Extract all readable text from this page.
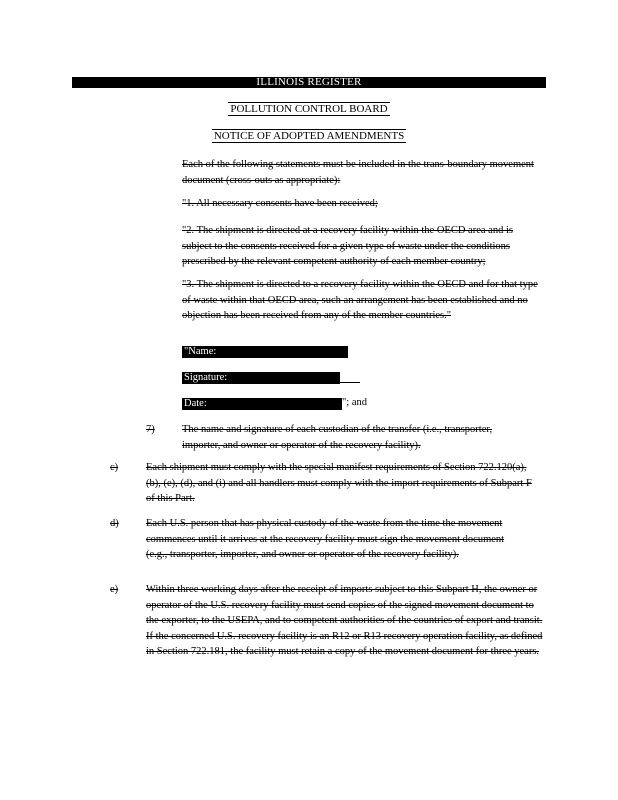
ILLINOIS REGISTER
POLLUTION CONTROL BOARD
NOTICE OF ADOPTED AMENDMENTS
Each of the following statements must be included in the trans-boundary movement document (cross-outs as appropriate):
"1. All necessary consents have been received;
"2. The shipment is directed at a recovery facility within the OECD area and is subject to the consents received for a given type of waste under the conditions prescribed by the relevant competent authority of each member country;
"3. The shipment is directed to a recovery facility within the OECD and for that type of waste within that OECD area, such an arrangement has been established and no objection has been received from any of the member countries."
"Name:
Signature:
Date:	"; and
7)	The name and signature of each custodian of the transfer (i.e., transporter, importer, and owner or operator of the recovery facility).
c)	Each shipment must comply with the special manifest requirements of Section 722.120(a), (b), (e), (d), and (i) and all handlers must comply with the import requirements of Subpart F of this Part.
d)	Each U.S. person that has physical custody of the waste from the time the movement commences until it arrives at the recovery facility must sign the movement document (e.g., transporter, importer, and owner or operator of the recovery facility).
e)	Within three working days after the receipt of imports subject to this Subpart H, the owner or operator of the U.S. recovery facility must send copies of the signed movement document to the exporter, to the USEPA, and to competent authorities of the countries of export and transit. If the concerned U.S. recovery facility is an R12 or R13 recovery operation facility, as defined in Section 722.181, the facility must retain a copy of the movement document for three years.
